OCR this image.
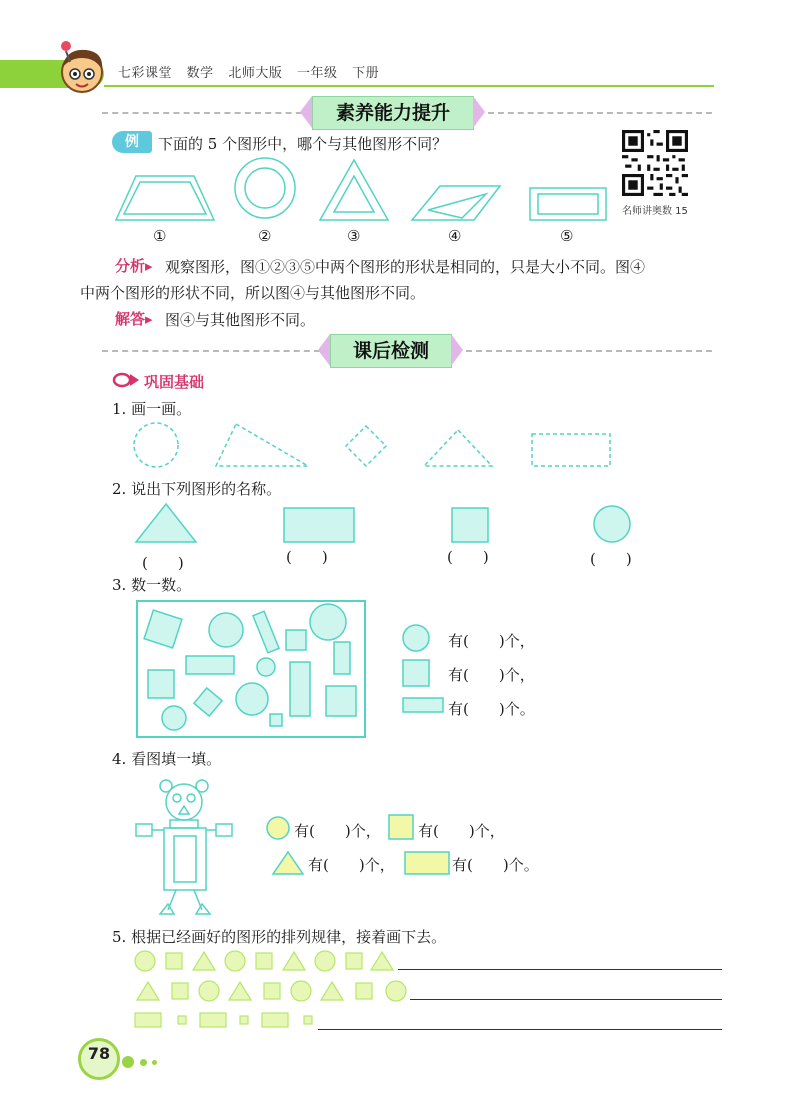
七彩课堂 数学 北师大版 一年级 下册
素养能力提升
例	下面的 5 个图形中，哪个与其他图形不同？
名师讲奥数 15
①	②	③	④	⑤
分析 ▸	观察图形，图①②③⑤中两个图形的形状是相同的，只是大小不同。图④
中两个图形的形状不同，所以图④与其他图形不同。
解答 ▸	图④与其他图形不同。
课后检测
巩固基础
1. 画一画。
2. 说出下列图形的名称。
(　　)	(　　)	(　　)	(　　)
3. 数一数。
有(　　)个，
有(　　)个，
有(　　)个。
4. 看图填一填。
有(　　)个， 有(　　)个，
有(　　)个，	有(　　)个。
5. 根据已经画好的图形的排列规律，接着画下去。
78
